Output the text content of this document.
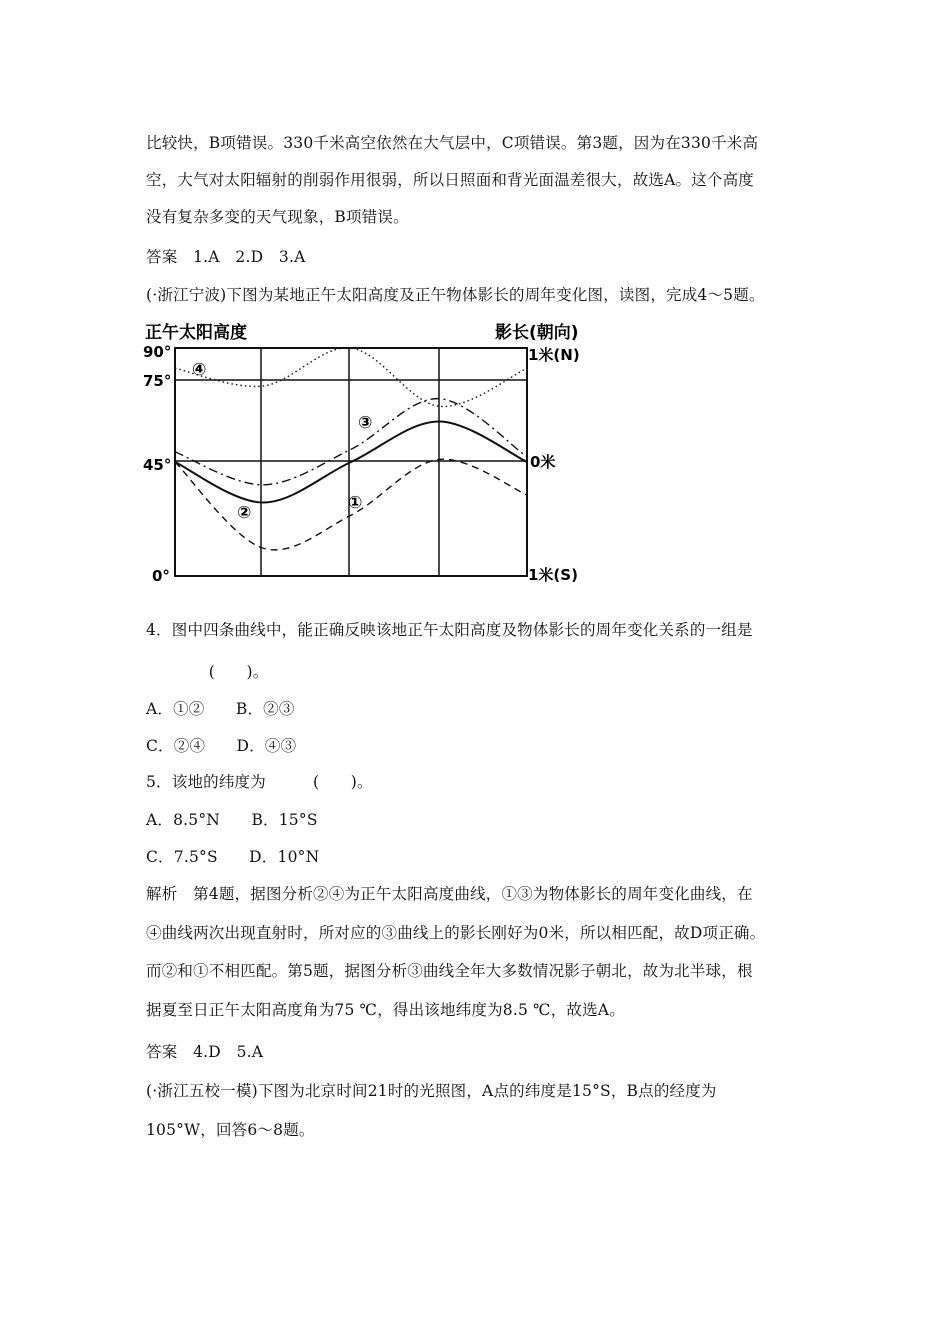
比较快，B项错误。330千米高空依然在大气层中，C项错误。第3题，因为在330千米高

空，大气对太阳辐射的削弱作用很弱，所以日照面和背光面温差很大，故选A。这个高度

没有复杂多变的天气现象，B项错误。

答案　1.A　2.D　3.A

(·浙江宁波)下图为某地正午太阳高度及正午物体影长的周年变化图，读图，完成4～5题。

正午太阳高度	影长(朝向)
90°
75°
45°
0°
1米(N)
0米
1米(S)
①
②
③
④

4．图中四条曲线中，能正确反映该地正午太阳高度及物体影长的周年变化关系的一组是

　　　　(　　)。

A．①②　　B．②③

C．②④　　D．④③

5．该地的纬度为　　　(　　)。

A．8.5°N　　B．15°S

C．7.5°S　　D．10°N

解析　第4题，据图分析②④为正午太阳高度曲线，①③为物体影长的周年变化曲线，在

④曲线两次出现直射时，所对应的③曲线上的影长刚好为0米，所以相匹配，故D项正确。

而②和①不相匹配。第5题，据图分析③曲线全年大多数情况影子朝北，故为北半球，根

据夏至日正午太阳高度角为75 ℃，得出该地纬度为8.5 ℃，故选A。

答案　4.D　5.A

(·浙江五校一模)下图为北京时间21时的光照图，A点的纬度是15°S，B点的经度为

105°W，回答6～8题。
